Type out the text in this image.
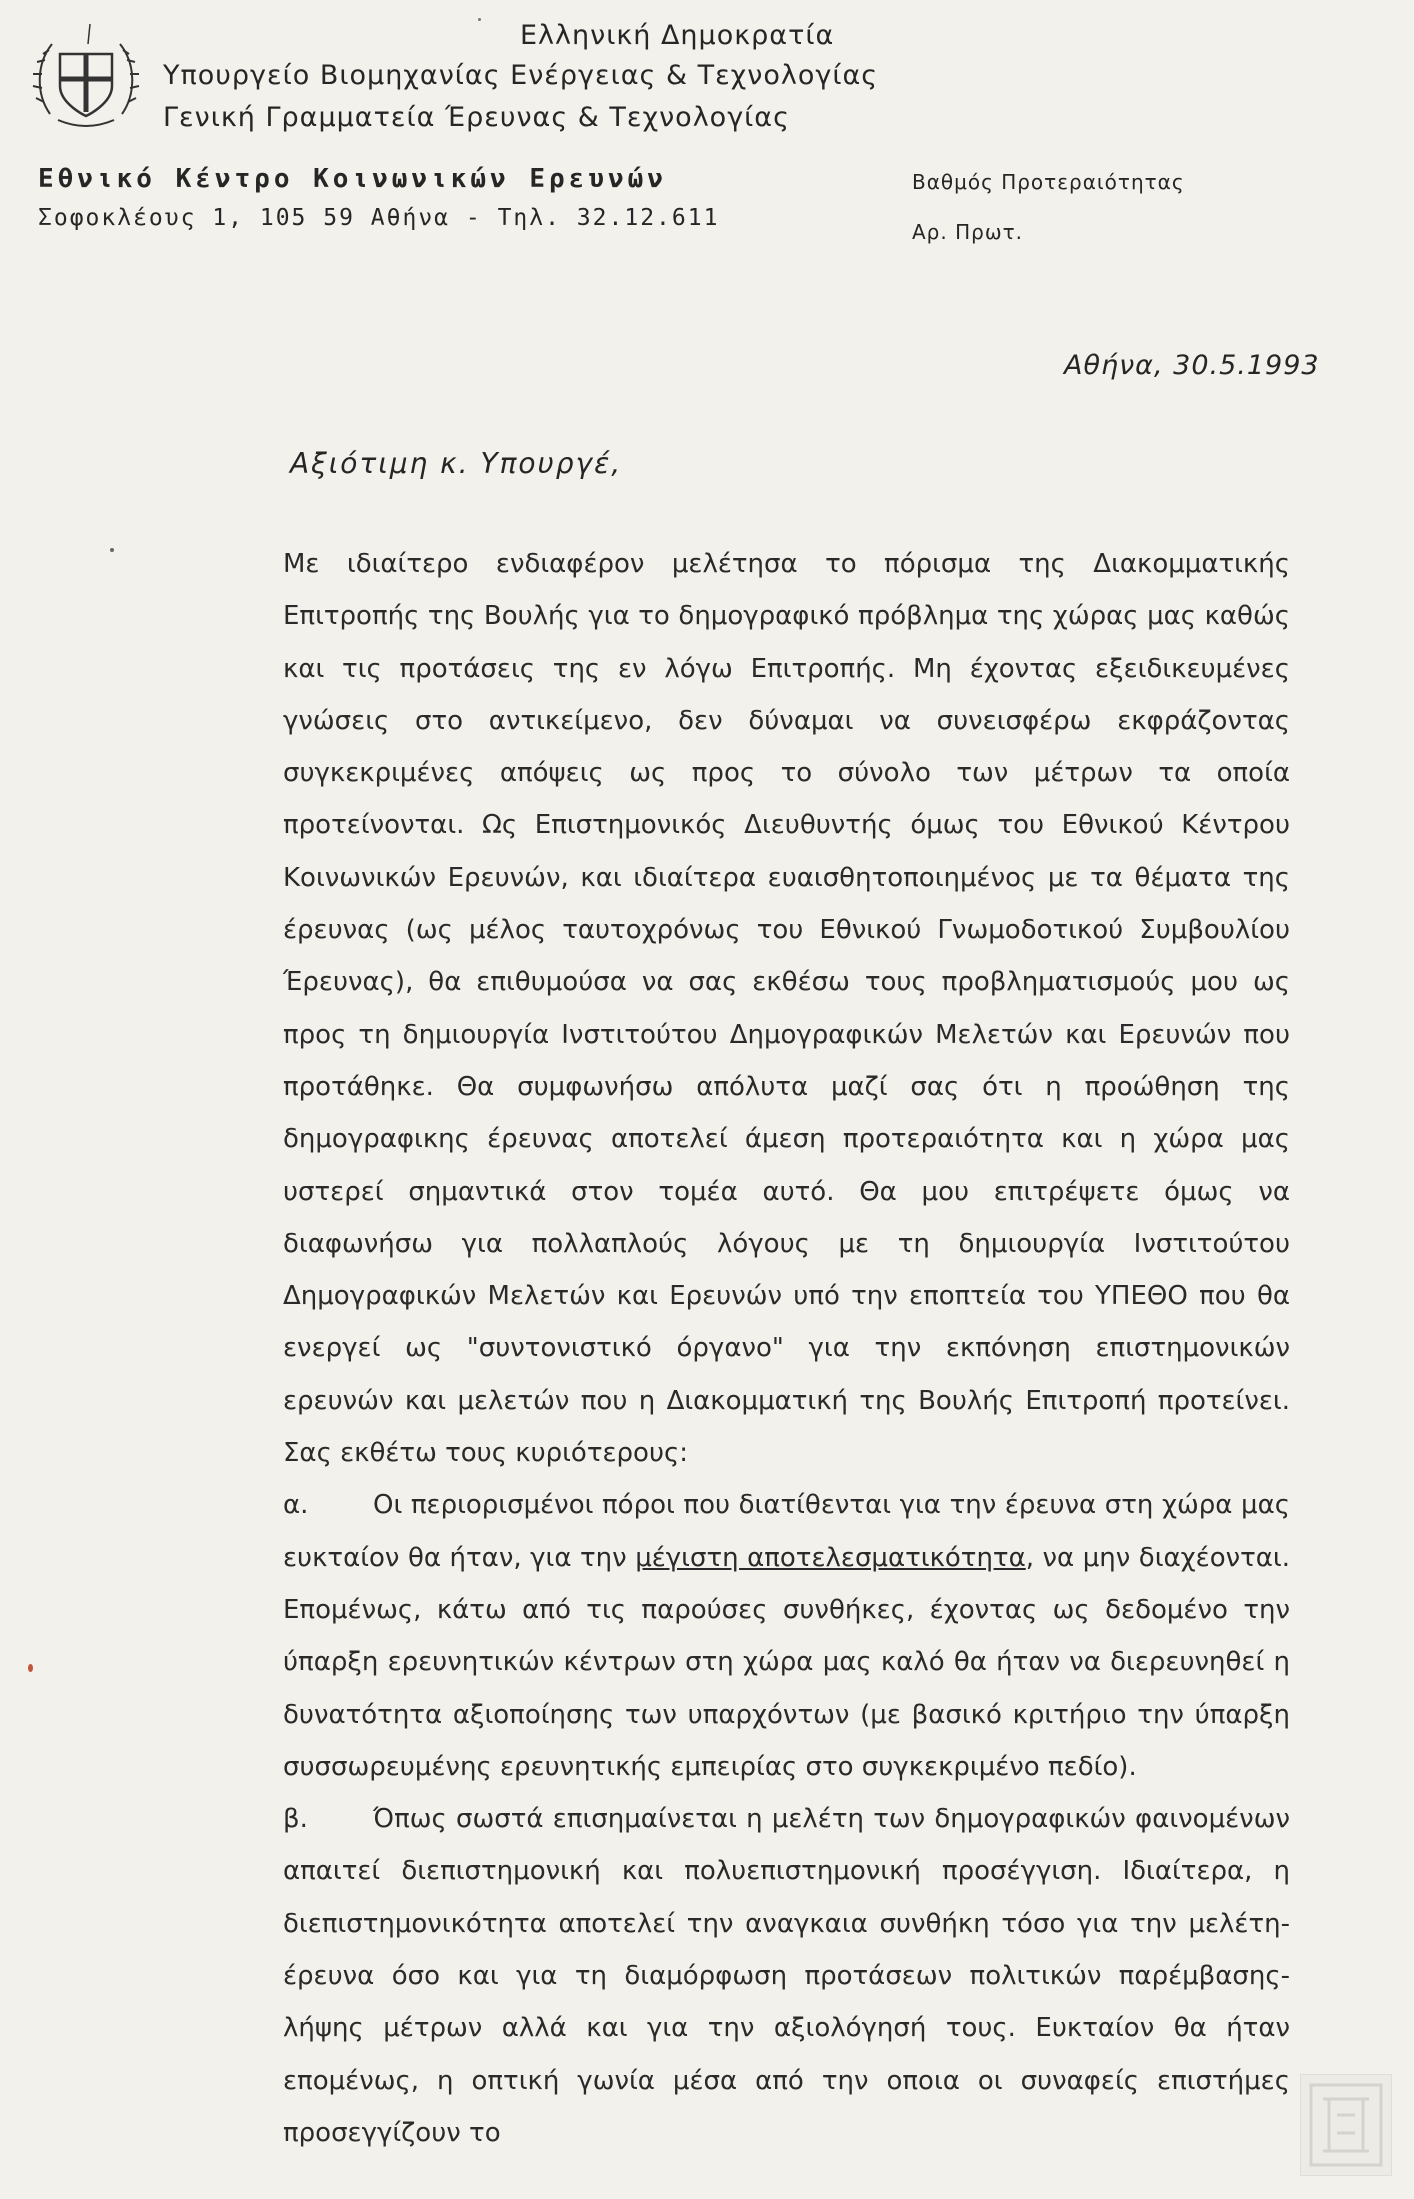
Ελληνική Δημοκρατία
Υπουργείο Βιομηχανίας Ενέργειας & Τεχνολογίας
Γενική Γραμματεία Έρευνας & Τεχνολογίας
Εθνικό Κέντρο Κοινωνικών Ερευνών
Σοφοκλέους 1, 105 59 Αθήνα - Τηλ. 32.12.611
Βαθμός Προτεραιότητας
Αρ. Πρωτ.
Αθήνα, 30.5.1993
Αξιότιμη κ. Υπουργέ,

Με ιδιαίτερο ενδιαφέρον μελέτησα το πόρισμα της Διακομματικής Επιτροπής της Βουλής για το δημογραφικό πρόβλημα της χώρας μας καθώς και τις προτάσεις της εν λόγω Επιτροπής. Μη έχοντας εξειδικευμένες γνώσεις στο αντικείμενο, δεν δύναμαι να συνεισφέρω εκφράζοντας συγκεκριμένες απόψεις ως προς το σύνολο των μέτρων τα οποία προτείνονται. Ως Επιστημονικός Διευθυντής όμως του Εθνικού Κέντρου Κοινωνικών Ερευνών, και ιδιαίτερα ευαισθητοποιημένος με τα θέματα της έρευνας (ως μέλος ταυτοχρόνως του Εθνικού Γνωμοδοτικού Συμβουλίου Έρευνας), θα επιθυμούσα να σας εκθέσω τους προβληματισμούς μου ως προς τη δημιουργία Ινστιτούτου Δημογραφικών Μελετών και Ερευνών που προτάθηκε. Θα συμφωνήσω απόλυτα μαζί σας ότι η προώθηση της δημογραφικης έρευνας αποτελεί άμεση προτεραιότητα και η χώρα μας υστερεί σημαντικά στον τομέα αυτό. Θα μου επιτρέψετε όμως να διαφωνήσω για πολλαπλούς λόγους με τη δημιουργία Ινστιτούτου Δημογραφικών Μελετών και Ερευνών υπό την εποπτεία του ΥΠΕΘΟ που θα ενεργεί ως "συντονιστικό όργανο" για την εκπόνηση επιστημονικών ερευνών και μελετών που η Διακομματική της Βουλής Επιτροπή προτείνει. Σας εκθέτω τους κυριότερους:

α. Οι περιορισμένοι πόροι που διατίθενται για την έρευνα στη χώρα μας ευκταίον θα ήταν, για την μέγιστη αποτελεσματικότητα, να μην διαχέονται. Επομένως, κάτω από τις παρούσες συνθήκες, έχοντας ως δεδομένο την ύπαρξη ερευνητικών κέντρων στη χώρα μας καλό θα ήταν να διερευνηθεί η δυνατότητα αξιοποίησης των υπαρχόντων (με βασικό κριτήριο την ύπαρξη συσσωρευμένης ερευνητικής εμπειρίας στο συγκεκριμένο πεδίο).

β.	Όπως σωστά επισημαίνεται η μελέτη των δημογραφικών φαινομένων απαιτεί διεπιστημονική και πολυεπιστημονική προσέγγιση. Ιδιαίτερα, η διεπιστημονικότητα αποτελεί την αναγκαια συνθήκη τόσο για την μελέτη-έρευνα όσο και για τη διαμόρφωση προτάσεων πολιτικών παρέμβασης-λήψης μέτρων αλλά και για την αξιολόγησή τους. Ευκταίον θα ήταν επομένως, η οπτική γωνία μέσα από την οποια οι συναφείς επιστήμες προσεγγίζουν το
